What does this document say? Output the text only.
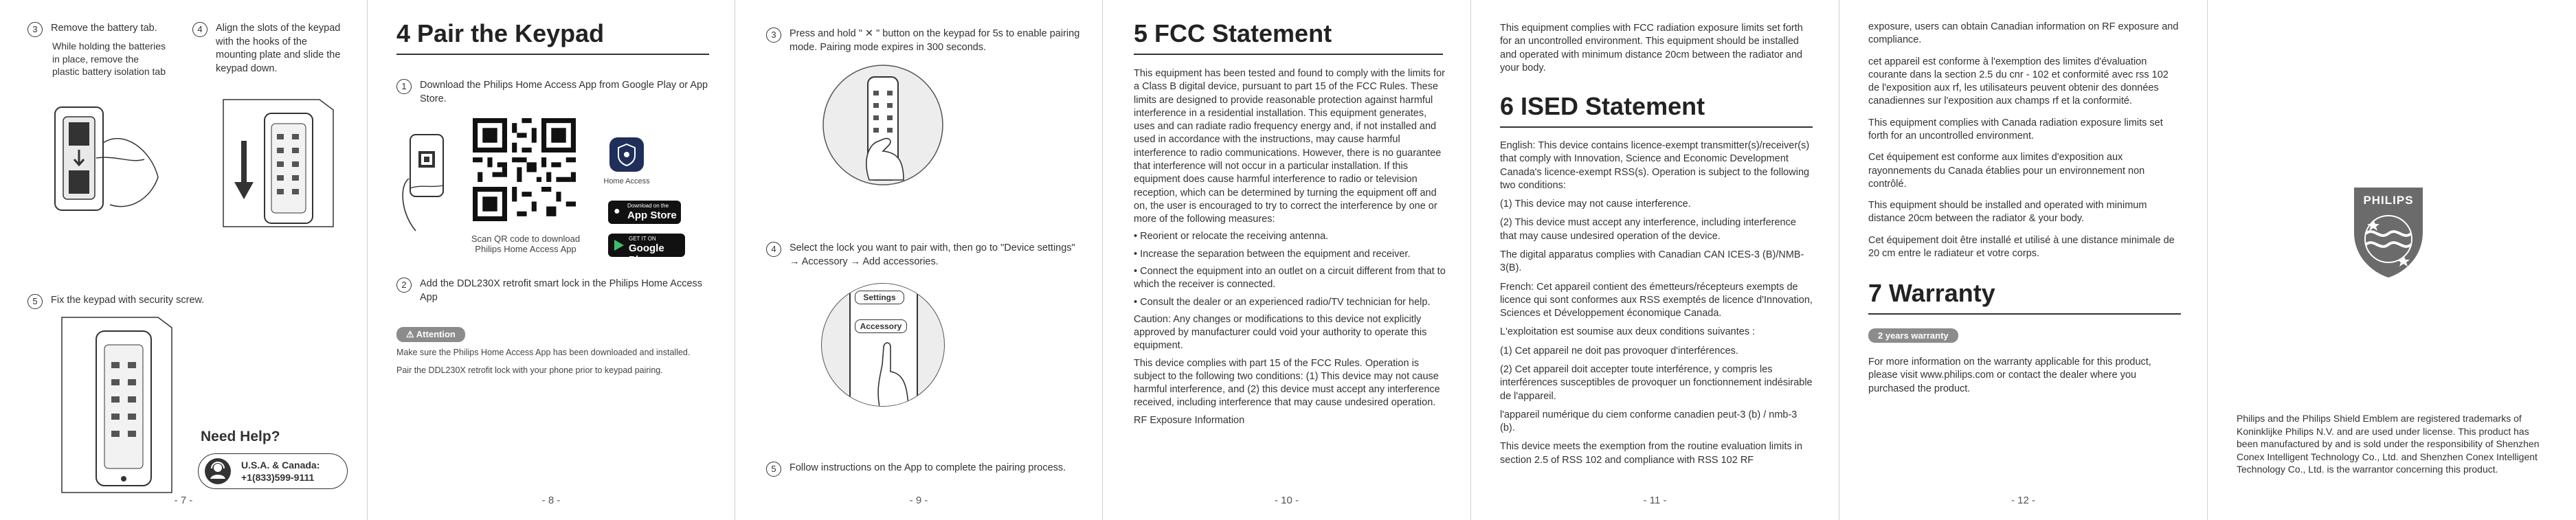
3	Remove the battery tab.
While holding the batteries in place, remove the plastic battery isolation tab
4	Align the slots of the keypad with the hooks of the mounting plate and slide the keypad down.
5	Fix the keypad with security screw.
Need Help?
U.S.A. & Canada:
+1(833)599-9111
- 7 -
4 Pair the Keypad
1	Download the Philips Home Access App from Google Play or App Store.
Scan QR code to download
Philips Home Access App
Home Access
● Download on the
App Store
GET IT ON
Google Play
2	Add the DDL230X retrofit smart lock in the Philips Home Access App
⚠ Attention
Make sure the Philips Home Access App has been downloaded and installed.
Pair the DDL230X retrofit lock with your phone prior to keypad pairing.
- 8 -
3	Press and hold " ✕ " button on the keypad for 5s to enable pairing mode. Pairing mode expires in 300 seconds.
4	Select the lock you want to pair with, then go to "Device settings" → Accessory → Add accessories.
Settings
Accessory
5	Follow instructions on the App to complete the pairing process.
- 9 -
5 FCC Statement

This equipment has been tested and found to comply with the limits for a Class B digital device, pursuant to part 15 of the FCC Rules. These limits are designed to provide reasonable protection against harmful interference in a residential installation. This equipment generates, uses and can radiate radio frequency energy and, if not installed and used in accordance with the instructions, may cause harmful interference to radio communications. However, there is no guarantee that interference will not occur in a particular installation. If this equipment does cause harmful interference to radio or television reception, which can be determined by turning the equipment off and on, the user is encouraged to try to correct the interference by one or more of the following measures:

• Reorient or relocate the receiving antenna.

• Increase the separation between the equipment and receiver.

• Connect the equipment into an outlet on a circuit different from that to which the receiver is connected.

• Consult the dealer or an experienced radio/TV technician for help.

Caution: Any changes or modifications to this device not explicitly approved by manufacturer could void your authority to operate this equipment.

This device complies with part 15 of the FCC Rules. Operation is subject to the following two conditions: (1) This device may not cause harmful interference, and (2) this device must accept any interference received, including interference that may cause undesired operation.

RF Exposure Information

- 10 -

This equipment complies with FCC radiation exposure limits set forth for an uncontrolled environment. This equipment should be installed and operated with minimum distance 20cm between the radiator and your body.

6 ISED Statement

English: This device contains licence-exempt transmitter(s)/receiver(s) that comply with Innovation, Science and Economic Development Canada's licence-exempt RSS(s). Operation is subject to the following two conditions:

(1) This device may not cause interference.

(2) This device must accept any interference, including interference that may cause undesired operation of the device.

The digital apparatus complies with Canadian CAN ICES-3 (B)/NMB-3(B).

French: Cet appareil contient des émetteurs/récepteurs exempts de licence qui sont conformes aux RSS exemptés de licence d'Innovation, Sciences et Développement économique Canada.

L'exploitation est soumise aux deux conditions suivantes :

(1) Cet appareil ne doit pas provoquer d'interférences.

(2) Cet appareil doit accepter toute interférence, y compris les interférences susceptibles de provoquer un fonctionnement indésirable de l'appareil.

l'appareil numérique du ciem conforme canadien peut-3 (b) / nmb-3 (b).

This device meets the exemption from the routine evaluation limits in section 2.5 of RSS 102 and compliance with RSS 102 RF

- 11 -

exposure, users can obtain Canadian information on RF exposure and compliance.

cet appareil est conforme à l'exemption des limites d'évaluation courante dans la section 2.5 du cnr - 102 et conformité avec rss 102 de l'exposition aux rf, les utilisateurs peuvent obtenir des données canadiennes sur l'exposition aux champs rf et la conformité.

This equipment complies with Canada radiation exposure limits set forth for an uncontrolled environment.

Cet équipement est conforme aux limites d'exposition aux rayonnements du Canada établies pour un environnement non contrôlé.

This equipment should be installed and operated with minimum distance 20cm between the radiator & your body.

Cet équipement doit être installé et utilisé à une distance minimale de 20 cm entre le radiateur et votre corps.

7 Warranty
2 years warranty

For more information on the warranty applicable for this product, please visit www.philips.com or contact the dealer where you purchased the product.

- 12 -
PHILIPS

Philips and the Philips Shield Emblem are registered trademarks of Koninklijke Philips N.V. and are used under license. This product has been manufactured by and is sold under the responsibility of Shenzhen Conex Intelligent Technology Co., Ltd. and Shenzhen Conex Intelligent Technology Co., Ltd. is the warrantor concerning this product.
